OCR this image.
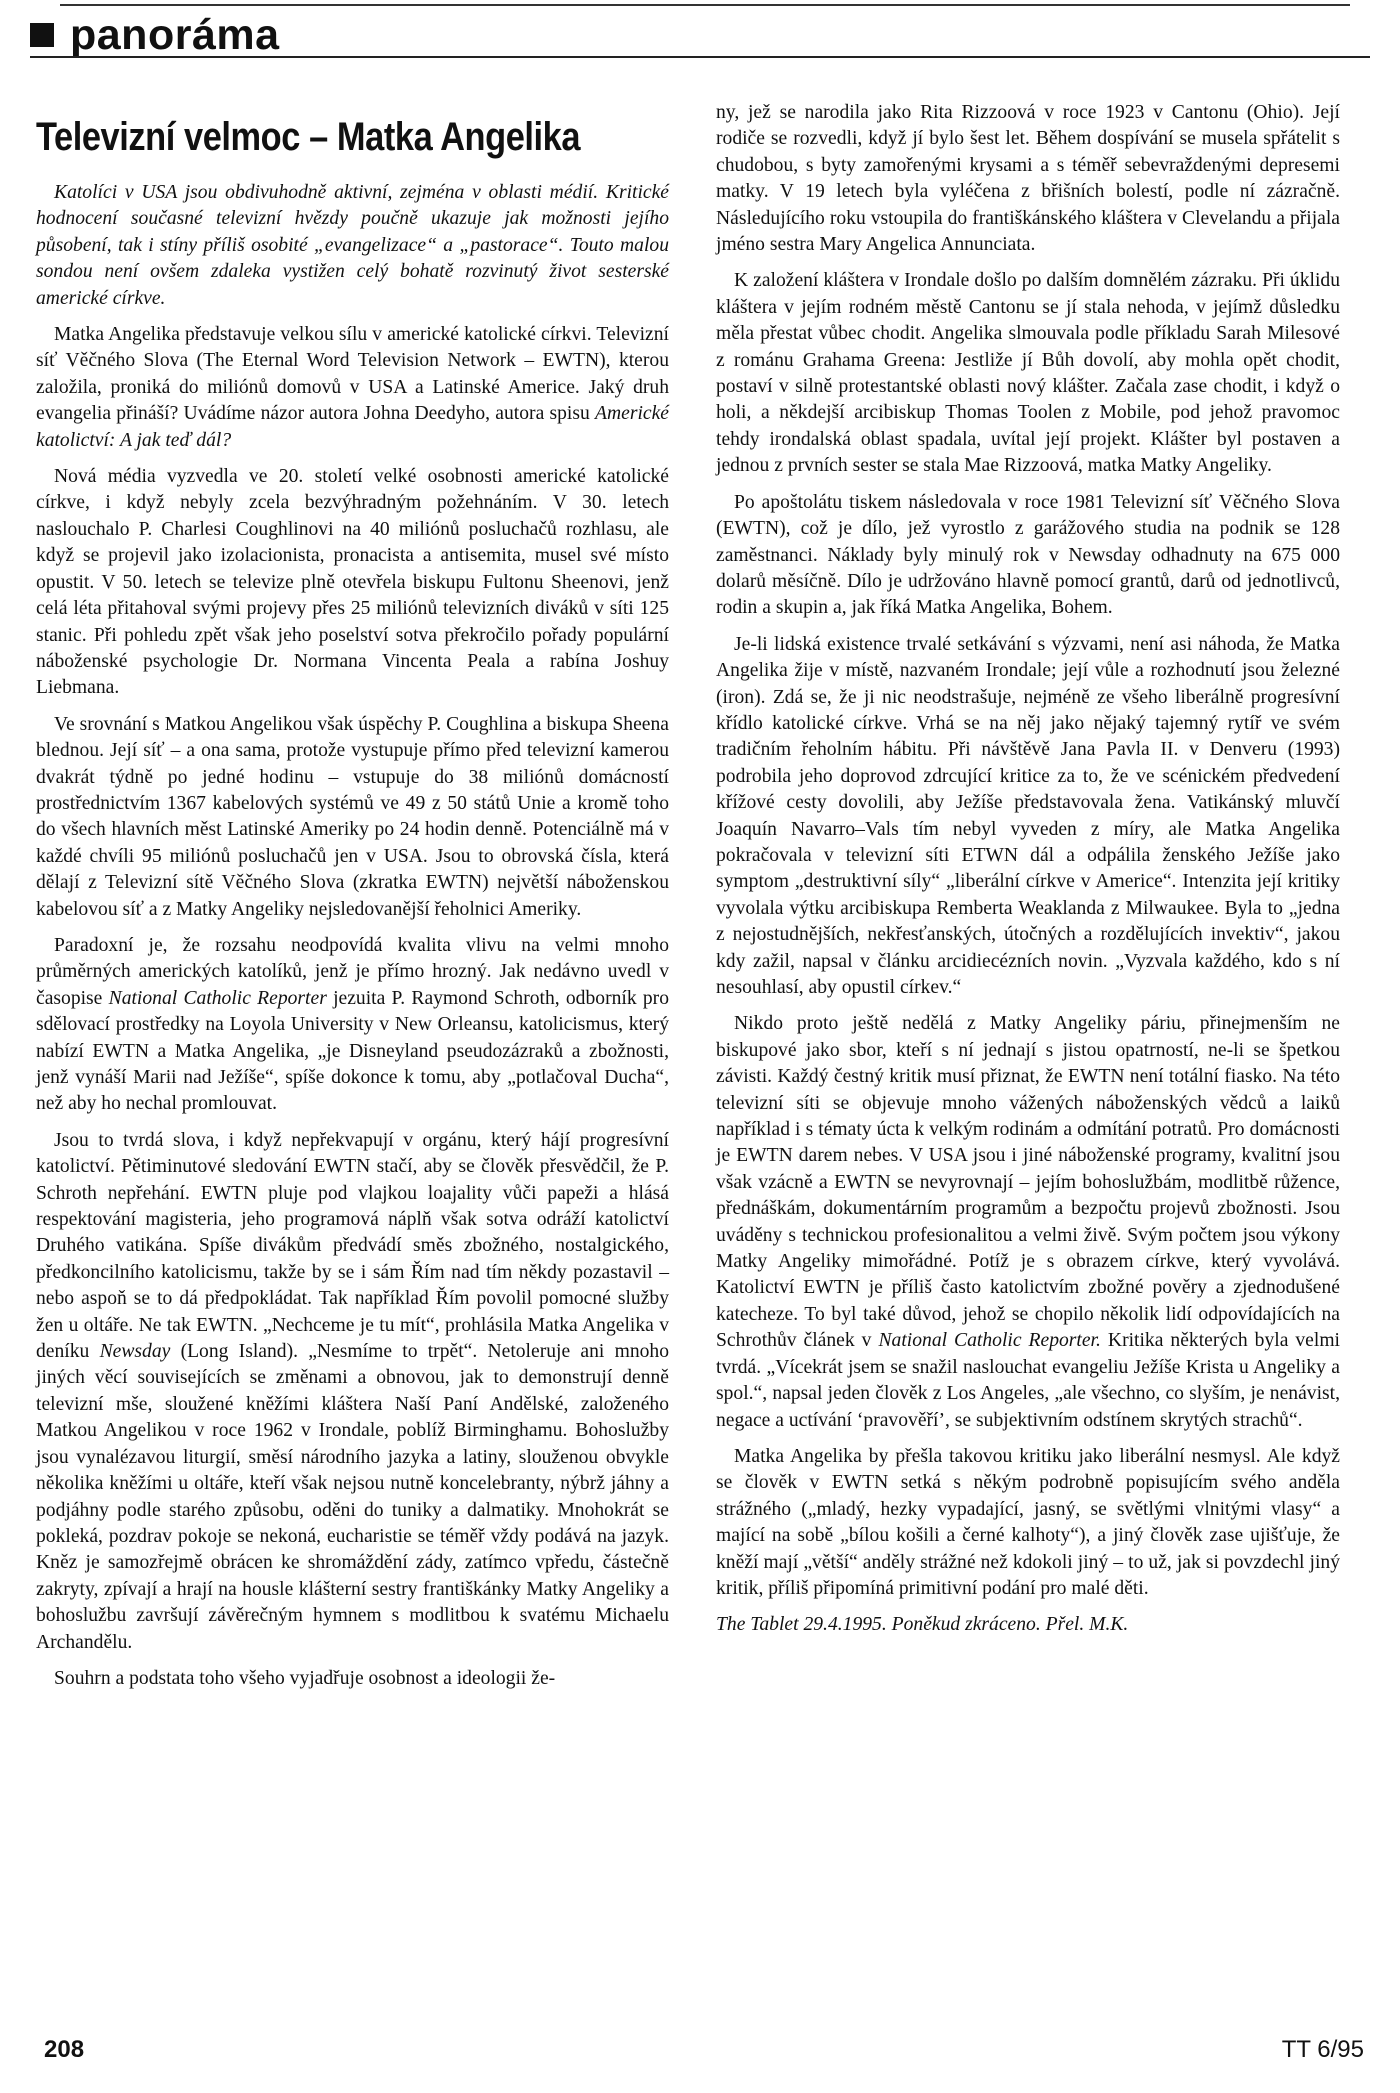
panoráma
Televizní velmoc – Matka Angelika

Katolíci v USA jsou obdivuhodně aktivní, zejména v oblasti médií. Kritické hodnocení současné televizní hvězdy poučně ukazuje jak možnosti jejího působení, tak i stíny příliš osobité „evangelizace“ a „pastorace“. Touto malou sondou není ovšem zdaleka vystižen celý bohatě rozvinutý život sesterské americké církve.

Matka Angelika představuje velkou sílu v americké katolické církvi. Televizní síť Věčného Slova (The Eternal Word Television Network – EWTN), kterou založila, proniká do miliónů domovů v USA a Latinské Americe. Jaký druh evangelia přináší? Uvádíme názor autora Johna Deedyho, autora spisu Americké katolictví: A jak teď dál?

Nová média vyzvedla ve 20. století velké osobnosti americké katolické církve, i když nebyly zcela bezvýhradným požehnáním. V 30. letech naslouchalo P. Charlesi Coughlinovi na 40 miliónů posluchačů rozhlasu, ale když se projevil jako izolacionista, pronacista a antisemita, musel své místo opustit. V 50. letech se televize plně otevřela biskupu Fultonu Sheenovi, jenž celá léta přitahoval svými projevy přes 25 miliónů televizních diváků v síti 125 stanic. Při pohledu zpět však jeho poselství sotva překročilo pořady populární náboženské psychologie Dr. Normana Vincenta Peala a rabína Joshuy Liebmana.

Ve srovnání s Matkou Angelikou však úspěchy P. Coughlina a biskupa Sheena blednou. Její síť – a ona sama, protože vystupuje přímo před televizní kamerou dvakrát týdně po jedné hodinu – vstupuje do 38 miliónů domácností prostřednictvím 1367 kabelových systémů ve 49 z 50 států Unie a kromě toho do všech hlavních měst Latinské Ameriky po 24 hodin denně. Potenciálně má v každé chvíli 95 miliónů posluchačů jen v USA. Jsou to obrovská čísla, která dělají z Televizní sítě Věčného Slova (zkratka EWTN) největší náboženskou kabelovou síť a z Matky Angeliky nejsledovanější řeholnici Ameriky.

Paradoxní je, že rozsahu neodpovídá kvalita vlivu na velmi mnoho průměrných amerických katolíků, jenž je přímo hrozný. Jak nedávno uvedl v časopise National Catholic Reporter jezuita P. Raymond Schroth, odborník pro sdělovací prostředky na Loyola University v New Orleansu, katolicismus, který nabízí EWTN a Matka Angelika, „je Disneyland pseudozázraků a zbožnosti, jenž vynáší Marii nad Ježíše“, spíše dokonce k tomu, aby „potlačoval Ducha“, než aby ho nechal promlouvat.

Jsou to tvrdá slova, i když nepřekvapují v orgánu, který hájí progresívní katolictví. Pětiminutové sledování EWTN stačí, aby se člověk přesvědčil, že P. Schroth nepřehání. EWTN pluje pod vlajkou loajality vůči papeži a hlásá respektování magisteria, jeho programová náplň však sotva odráží katolictví Druhého vatikána. Spíše divákům předvádí směs zbožného, nostalgického, předkoncilního katolicismu, takže by se i sám Řím nad tím někdy pozastavil – nebo aspoň se to dá předpokládat. Tak například Řím povolil pomocné služby žen u oltáře. Ne tak EWTN. „Nechceme je tu mít“, prohlásila Matka Angelika v deníku Newsday (Long Island). „Nesmíme to trpět“. Netoleruje ani mnoho jiných věcí souvisejících se změnami a obnovou, jak to demonstrují denně televizní mše, sloužené kněžími kláštera Naší Paní Andělské, založeného Matkou Angelikou v roce 1962 v Irondale, poblíž Birminghamu. Bohoslužby jsou vynalézavou liturgií, směsí národního jazyka a latiny, slouženou obvykle několika kněžími u oltáře, kteří však nejsou nutně koncelebranty, nýbrž jáhny a podjáhny podle starého způsobu, oděni do tuniky a dalmatiky. Mnohokrát se pokleká, pozdrav pokoje se nekoná, eucharistie se téměř vždy podává na jazyk. Kněz je samozřejmě obrácen ke shromáždění zády, zatímco vpředu, částečně zakryty, zpívají a hrají na housle klášterní sestry františkánky Matky Angeliky a bohoslužbu završují závěrečným hymnem s modlitbou k svatému Michaelu Archandělu.

Souhrn a podstata toho všeho vyjadřuje osobnost a ideologii že-

ny, jež se narodila jako Rita Rizzoová v roce 1923 v Cantonu (Ohio). Její rodiče se rozvedli, když jí bylo šest let. Během dospívání se musela spřátelit s chudobou, s byty zamořenými krysami a s téměř sebevraždenými depresemi matky. V 19 letech byla vyléčena z břišních bolestí, podle ní zázračně. Následujícího roku vstoupila do františkánského kláštera v Clevelandu a přijala jméno sestra Mary Angelica Annunciata.

K založení kláštera v Irondale došlo po dalším domnělém zázraku. Při úklidu kláštera v jejím rodném městě Cantonu se jí stala nehoda, v jejímž důsledku měla přestat vůbec chodit. Angelika slmouvala podle příkladu Sarah Milesové z románu Grahama Greena: Jestliže jí Bůh dovolí, aby mohla opět chodit, postaví v silně protestantské oblasti nový klášter. Začala zase chodit, i když o holi, a někdejší arcibiskup Thomas Toolen z Mobile, pod jehož pravomoc tehdy irondalská oblast spadala, uvítal její projekt. Klášter byl postaven a jednou z prvních sester se stala Mae Rizzoová, matka Matky Angeliky.

Po apoštolátu tiskem následovala v roce 1981 Televizní síť Věčného Slova (EWTN), což je dílo, jež vyrostlo z garážového studia na podnik se 128 zaměstnanci. Náklady byly minulý rok v Newsday odhadnuty na 675 000 dolarů měsíčně. Dílo je udržováno hlavně pomocí grantů, darů od jednotlivců, rodin a skupin a, jak říká Matka Angelika, Bohem.

Je-li lidská existence trvalé setkávání s výzvami, není asi náhoda, že Matka Angelika žije v místě, nazvaném Irondale; její vůle a rozhodnutí jsou železné (iron). Zdá se, že ji nic neodstrašuje, nejméně ze všeho liberálně progresívní křídlo katolické církve. Vrhá se na něj jako nějaký tajemný rytíř ve svém tradičním řeholním hábitu. Při návštěvě Jana Pavla II. v Denveru (1993) podrobila jeho doprovod zdrcující kritice za to, že ve scénickém předvedení křížové cesty dovolili, aby Ježíše představovala žena. Vatikánský mluvčí Joaquín Navarro–Vals tím nebyl vyveden z míry, ale Matka Angelika pokračovala v televizní síti ETWN dál a odpálila ženského Ježíše jako symptom „destruktivní síly“ „liberální církve v Americe“. Intenzita její kritiky vyvolala výtku arcibiskupa Remberta Weaklanda z Milwaukee. Byla to „jedna z nejostudnějších, nekřesťanských, útočných a rozdělujících invektiv“, jakou kdy zažil, napsal v článku arcidiecézních novin. „Vyzvala každého, kdo s ní nesouhlasí, aby opustil církev.“

Nikdo proto ještě nedělá z Matky Angeliky páriu, přinejmenším ne biskupové jako sbor, kteří s ní jednají s jistou opatrností, ne-li se špetkou závisti. Každý čestný kritik musí přiznat, že EWTN není totální fiasko. Na této televizní síti se objevuje mnoho vážených náboženských vědců a laiků například i s tématy úcta k velkým rodinám a odmítání potratů. Pro domácnosti je EWTN darem nebes. V USA jsou i jiné náboženské programy, kvalitní jsou však vzácně a EWTN se nevyrovnají – jejím bohoslužbám, modlitbě růžence, přednáškám, dokumentárním programům a bezpočtu projevů zbožnosti. Jsou uváděny s technickou profesionalitou a velmi živě. Svým počtem jsou výkony Matky Angeliky mimořádné. Potíž je s obrazem církve, který vyvolává. Katolictví EWTN je příliš často katolictvím zbožné pověry a zjednodušené katecheze. To byl také důvod, jehož se chopilo několik lidí odpovídajících na Schrothův článek v National Catholic Reporter. Kritika některých byla velmi tvrdá. „Vícekrát jsem se snažil naslouchat evangeliu Ježíše Krista u Angeliky a spol.“, napsal jeden člověk z Los Angeles, „ale všechno, co slyším, je nenávist, negace a uctívání ‘pravověří’, se subjektivním odstínem skrytých strachů“.

Matka Angelika by přešla takovou kritiku jako liberální nesmysl. Ale když se člověk v EWTN setká s někým podrobně popisujícím svého anděla strážného („mladý, hezky vypadající, jasný, se světlými vlnitými vlasy“ a mající na sobě „bílou košili a černé kalhoty“), a jiný člověk zase ujišťuje, že kněží mají „větší“ anděly strážné než kdokoli jiný – to už, jak si povzdechl jiný kritik, příliš připomíná primitivní podání pro malé děti.

The Tablet 29.4.1995. Poněkud zkráceno. Přel. M.K.

208	TT 6/95
